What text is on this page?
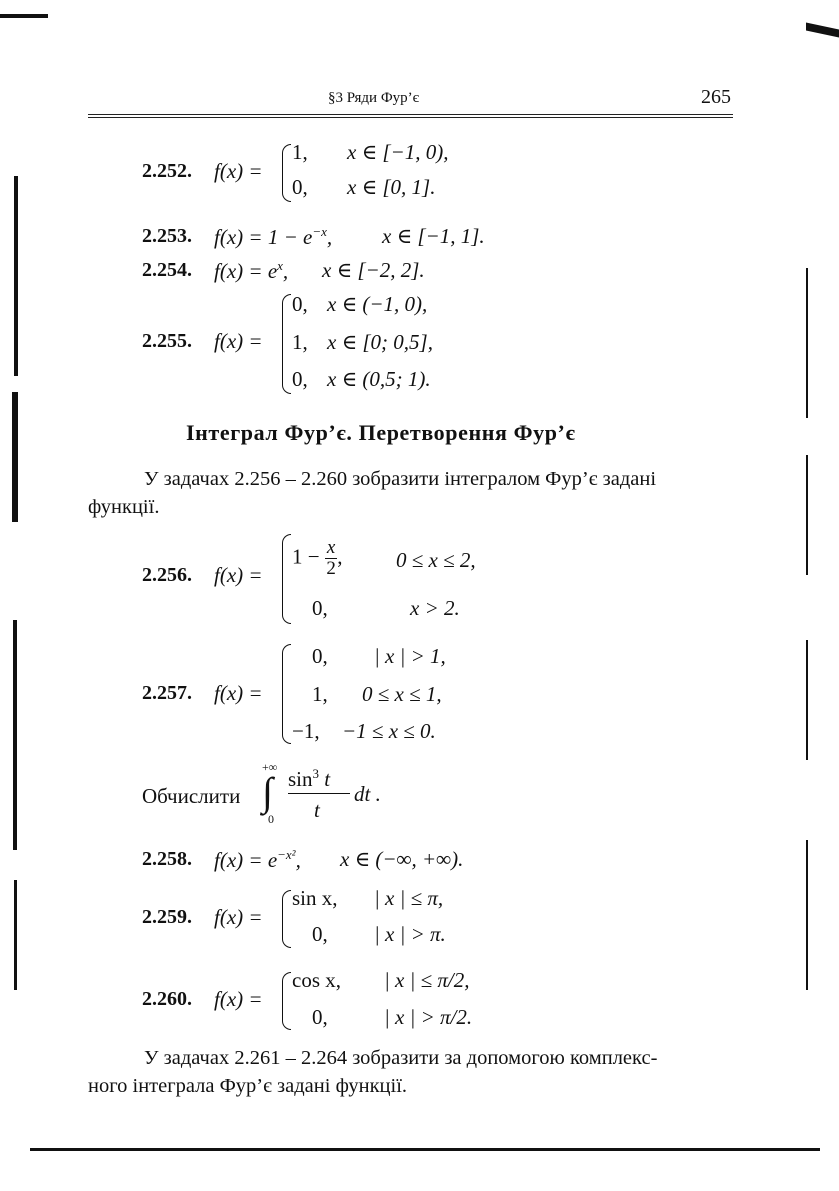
§3 Ряди Фур’є	265
2.252. f(x) =
1, x ∈ [−1, 0),
0, x ∈ [0, 1].
2.253. $f(x) = 1 - e^{-x}$, x ∈ [−1, 1].
2.254. $f(x) = e^x$, x ∈ [−2, 2].
2.255. f(x) =
0, x ∈ (−1, 0),
1, x ∈ [0; 0,5],
0, x ∈ (0,5; 1).
Інтеграл Фур’є. Перетворення Фур’є
У задачах 2.256 – 2.260 зобразити інтегралом Фур’є задані
функції.
2.256. f(x) =
$1 - \frac{x}{2}$ ,	0 ≤ x ≤ 2,
0,	x > 2.
2.257. f(x) =
0, | x | > 1,
1, 0 ≤ x ≤ 1,
−1, −1 ≤ x ≤ 0.
Обчислити
+∞
∫
0
$\sin^3 t$
t
dt .
2.258. $f(x) = e^{-x^2}$, x ∈ (−∞, +∞).
2.259. f(x) =
sin x, | x | ≤ π,
0, | x | > π.
2.260. f(x) =
cos x, | x | ≤ π/2,
0,	| x | > π/2.
У задачах 2.261 – 2.264 зобразити за допомогою комплекс-
ного інтеграла Фур’є задані функції.
